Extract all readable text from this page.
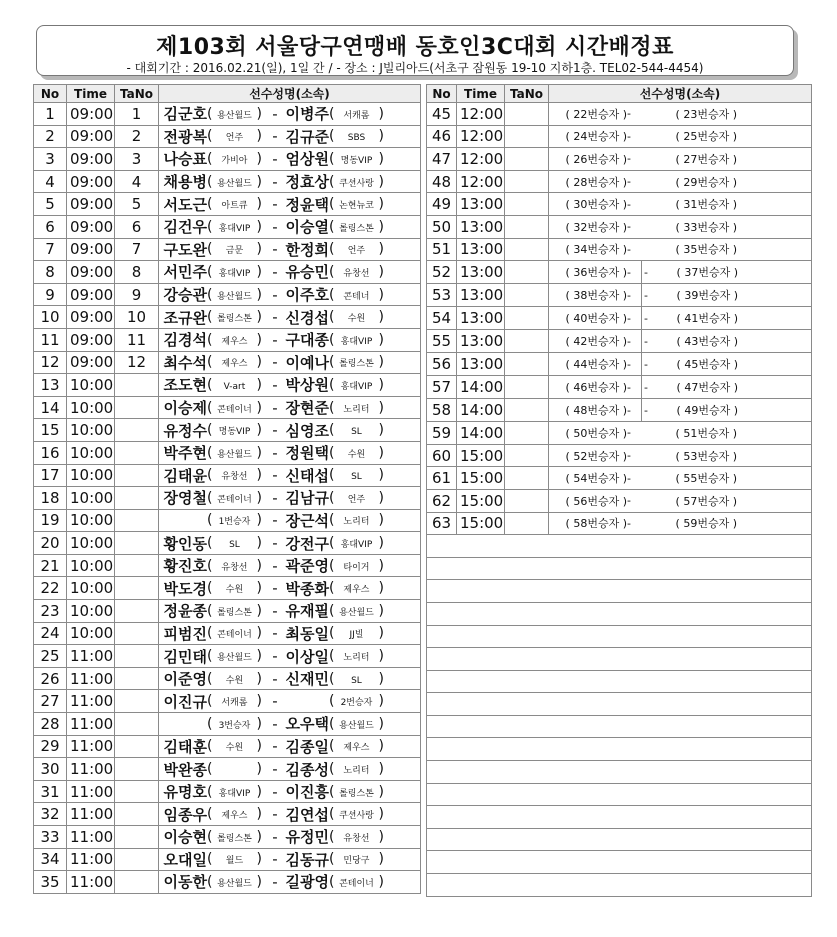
제103회 서울당구연맹배 동호인3C대회 시간배정표
- 대회기간 : 2016.02.21(일), 1일 간 / - 장소 : J빌리아드(서초구 잠원동 19-10 지하1층. TEL02-544-4454)
No	Time	TaNo	선수성명(소속)
1	09:00	1	김군호 ( 용산월드 ) - 이병주 ( 서캐롬 )

2	09:00	2	전광복 ( 언주 ) - 김규준 ( SBS )

3	09:00	3	나승표 ( 가비아 ) - 엄상원 ( 명동VIP )

4	09:00	4	채용병 ( 용산월드 ) - 정효상 ( 쿠션사랑 )

5	09:00	5	서도근 ( 아트큐 ) - 정윤택 ( 논현뉴코 )

6	09:00	6	김건우 ( 홍대VIP ) - 이승열 ( 롤링스톤 )

7	09:00	7	구도완 ( 금문 ) - 한정희 ( 언주 )

8	09:00	8	서민주 ( 홍대VIP ) - 유승민 ( 유창선 )

9	09:00	9	강승관 ( 용산월드 ) - 이주호 ( 콘테너 )

10	09:00	10	조규완 ( 롤링스톤 ) - 신경섭 ( 수원 )

11	09:00	11	김경석 ( 제우스 ) - 구대종 ( 홍대VIP )

12	09:00	12	최수석 ( 제우스 ) - 이예나 ( 롤링스톤 )

13	10:00		조도현 ( V-art ) - 박상원 ( 홍대VIP )

14	10:00		이승제 ( 콘테이너 ) - 장현준 ( 노리터 )

15	10:00		유정수 ( 명동VIP ) - 심영조 ( SL )

16	10:00		박주현 ( 용산월드 ) - 정원택 ( 수원 )

17	10:00		김태윤 ( 유창선 ) - 신태섭 ( SL )

18	10:00		장영철 ( 콘테이너 ) - 김남규 ( 언주 )

19	10:00		( 1번승자 ) - 장근석 ( 노리터 )

20	10:00		황인동 ( SL ) - 강전구 ( 홍대VIP )

21	10:00		황진호 ( 유창선 ) - 곽준영 ( 타이거 )

22	10:00		박도경 ( 수원 ) - 박종화 ( 제우스 )

23	10:00		정윤종 ( 롤링스톤 ) - 유재필 ( 용산월드 )

24	10:00		피범진 ( 콘테이너 ) - 최동일 ( JJ빌 )

25	11:00		김민태 ( 용산월드 ) - 이상일 ( 노리터 )

26	11:00		이준영 ( 수원 ) - 신재민 ( SL )

27	11:00		이진규 ( 서캐롬 ) - ( 2번승자 )

28	11:00		( 3번승자 ) - 오우택 ( 용산월드 )

29	11:00		김태훈 ( 수원 ) - 김종일 ( 제우스 )

30	11:00		박완종 ( ) - 김종성 ( 노리터 )

31	11:00		유명호 ( 홍대VIP ) - 이진흥 ( 롤링스톤 )

32	11:00		임종우 ( 제우스 ) - 김연섭 ( 쿠션사랑 )

33	11:00		이승현 ( 롤링스톤 ) - 유정민 ( 유창선 )

34	11:00		오대일 ( 월드 ) - 김동규 ( 민당구 )

35	11:00		이동한 ( 용산월드 ) - 길광영 ( 콘테이너 )
No	Time	TaNo	선수성명(소속)
45	12:00		( 22번승자 ) - ( 23번승자 )

46	12:00		( 24번승자 ) - ( 25번승자 )

47	12:00		( 26번승자 ) - ( 27번승자 )

48	12:00		( 28번승자 ) - ( 29번승자 )

49	13:00		( 30번승자 ) - ( 31번승자 )

50	13:00		( 32번승자 ) - ( 33번승자 )

51	13:00		( 34번승자 ) - ( 35번승자 )

52	13:00		( 36번승자 ) - - ( 37번승자 )

53	13:00		( 38번승자 ) - - ( 39번승자 )

54	13:00		( 40번승자 ) - - ( 41번승자 )

55	13:00		( 42번승자 ) - - ( 43번승자 )

56	13:00		( 44번승자 ) - - ( 45번승자 )

57	14:00		( 46번승자 ) - - ( 47번승자 )

58	14:00		( 48번승자 ) - - ( 49번승자 )

59	14:00		( 50번승자 ) - ( 51번승자 )

60	15:00		( 52번승자 ) - ( 53번승자 )

61	15:00		( 54번승자 ) - ( 55번승자 )

62	15:00		( 56번승자 ) - ( 57번승자 )

63	15:00		( 58번승자 ) - ( 59번승자 )
